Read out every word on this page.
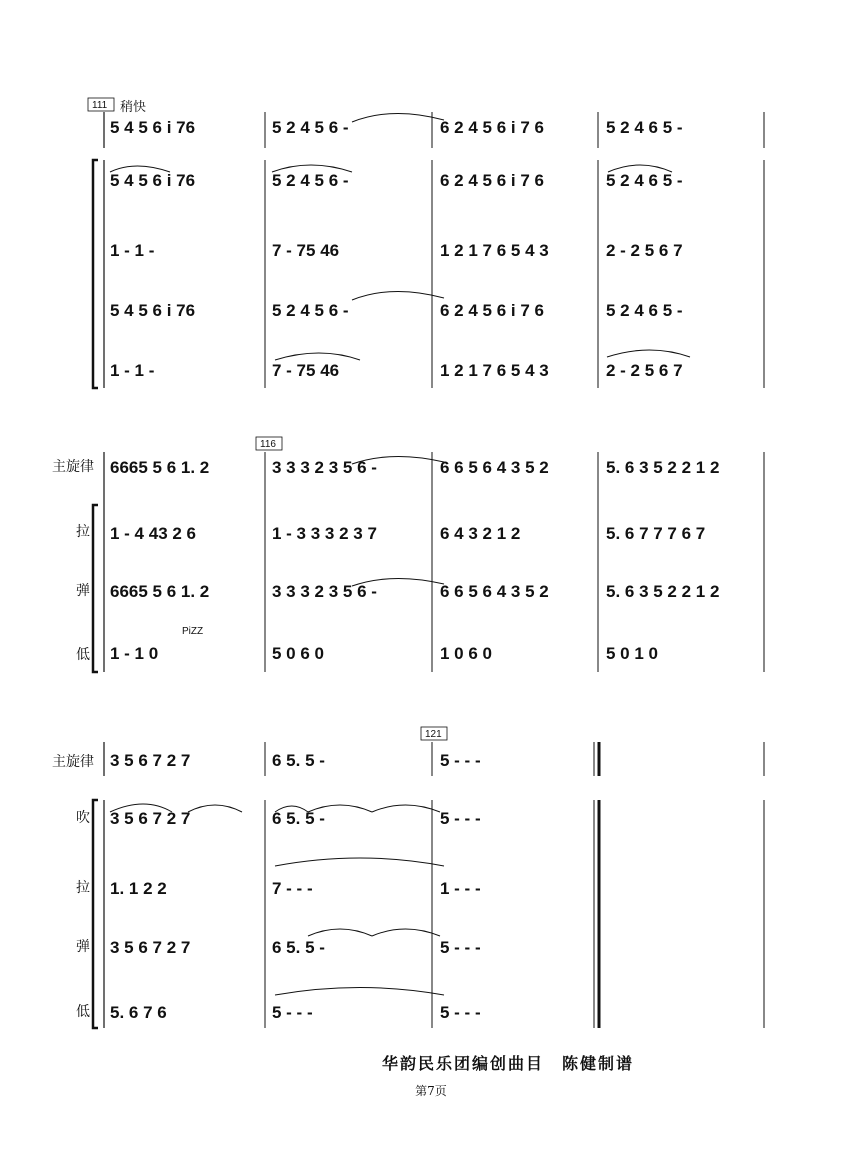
111
116
121
稍快
PiZZ
主旋律
拉
弹
低
主旋律
吹
拉
弹
低
5 4 5 6 i 76
5 4 5 6 i 76
1 - 1 -
5 4 5 6 i 76
1 - 1 -
5 2 4 5 6 -
5 2 4 5 6 -
7 - 75 46
5 2 4 5 6 -
7 - 75 46
6 2 4 5 6 i 7 6
6 2 4 5 6 i 7 6
1 2 1 7 6 5 4 3
6 2 4 5 6 i 7 6
1 2 1 7 6 5 4 3
5 2 4 6 5 -
5 2 4 6 5 -
2 - 2 5 6 7
5 2 4 6 5 -
2 - 2 5 6 7
6665 5 6 1. 2
1 - 4 43 2 6
6665 5 6 1. 2
1 - 1 0
3 3 3 2 3 5 6 -
1 - 3 3 3 2 3 7
3 3 3 2 3 5 6 -
5 0 6 0
6 6 5 6 4 3 5 2
6 4 3 2 1 2
6 6 5 6 4 3 5 2
1 0 6 0
5. 6 3 5 2 2 1 2
5. 6 7 7 7 6 7
5. 6 3 5 2 2 1 2
5 0 1 0
3 5 6 7 2 7
3 5 6 7 2 7
1. 1 2 2
3 5 6 7 2 7
5. 6 7 6
6 5. 5 -
6 5. 5 -
7 - - -
6 5. 5 -
5 - - -
5 - - -
5 - - -
1 - - -
5 - - -
5 - - -
华韵民乐团编创曲目 陈健制谱
第7页
